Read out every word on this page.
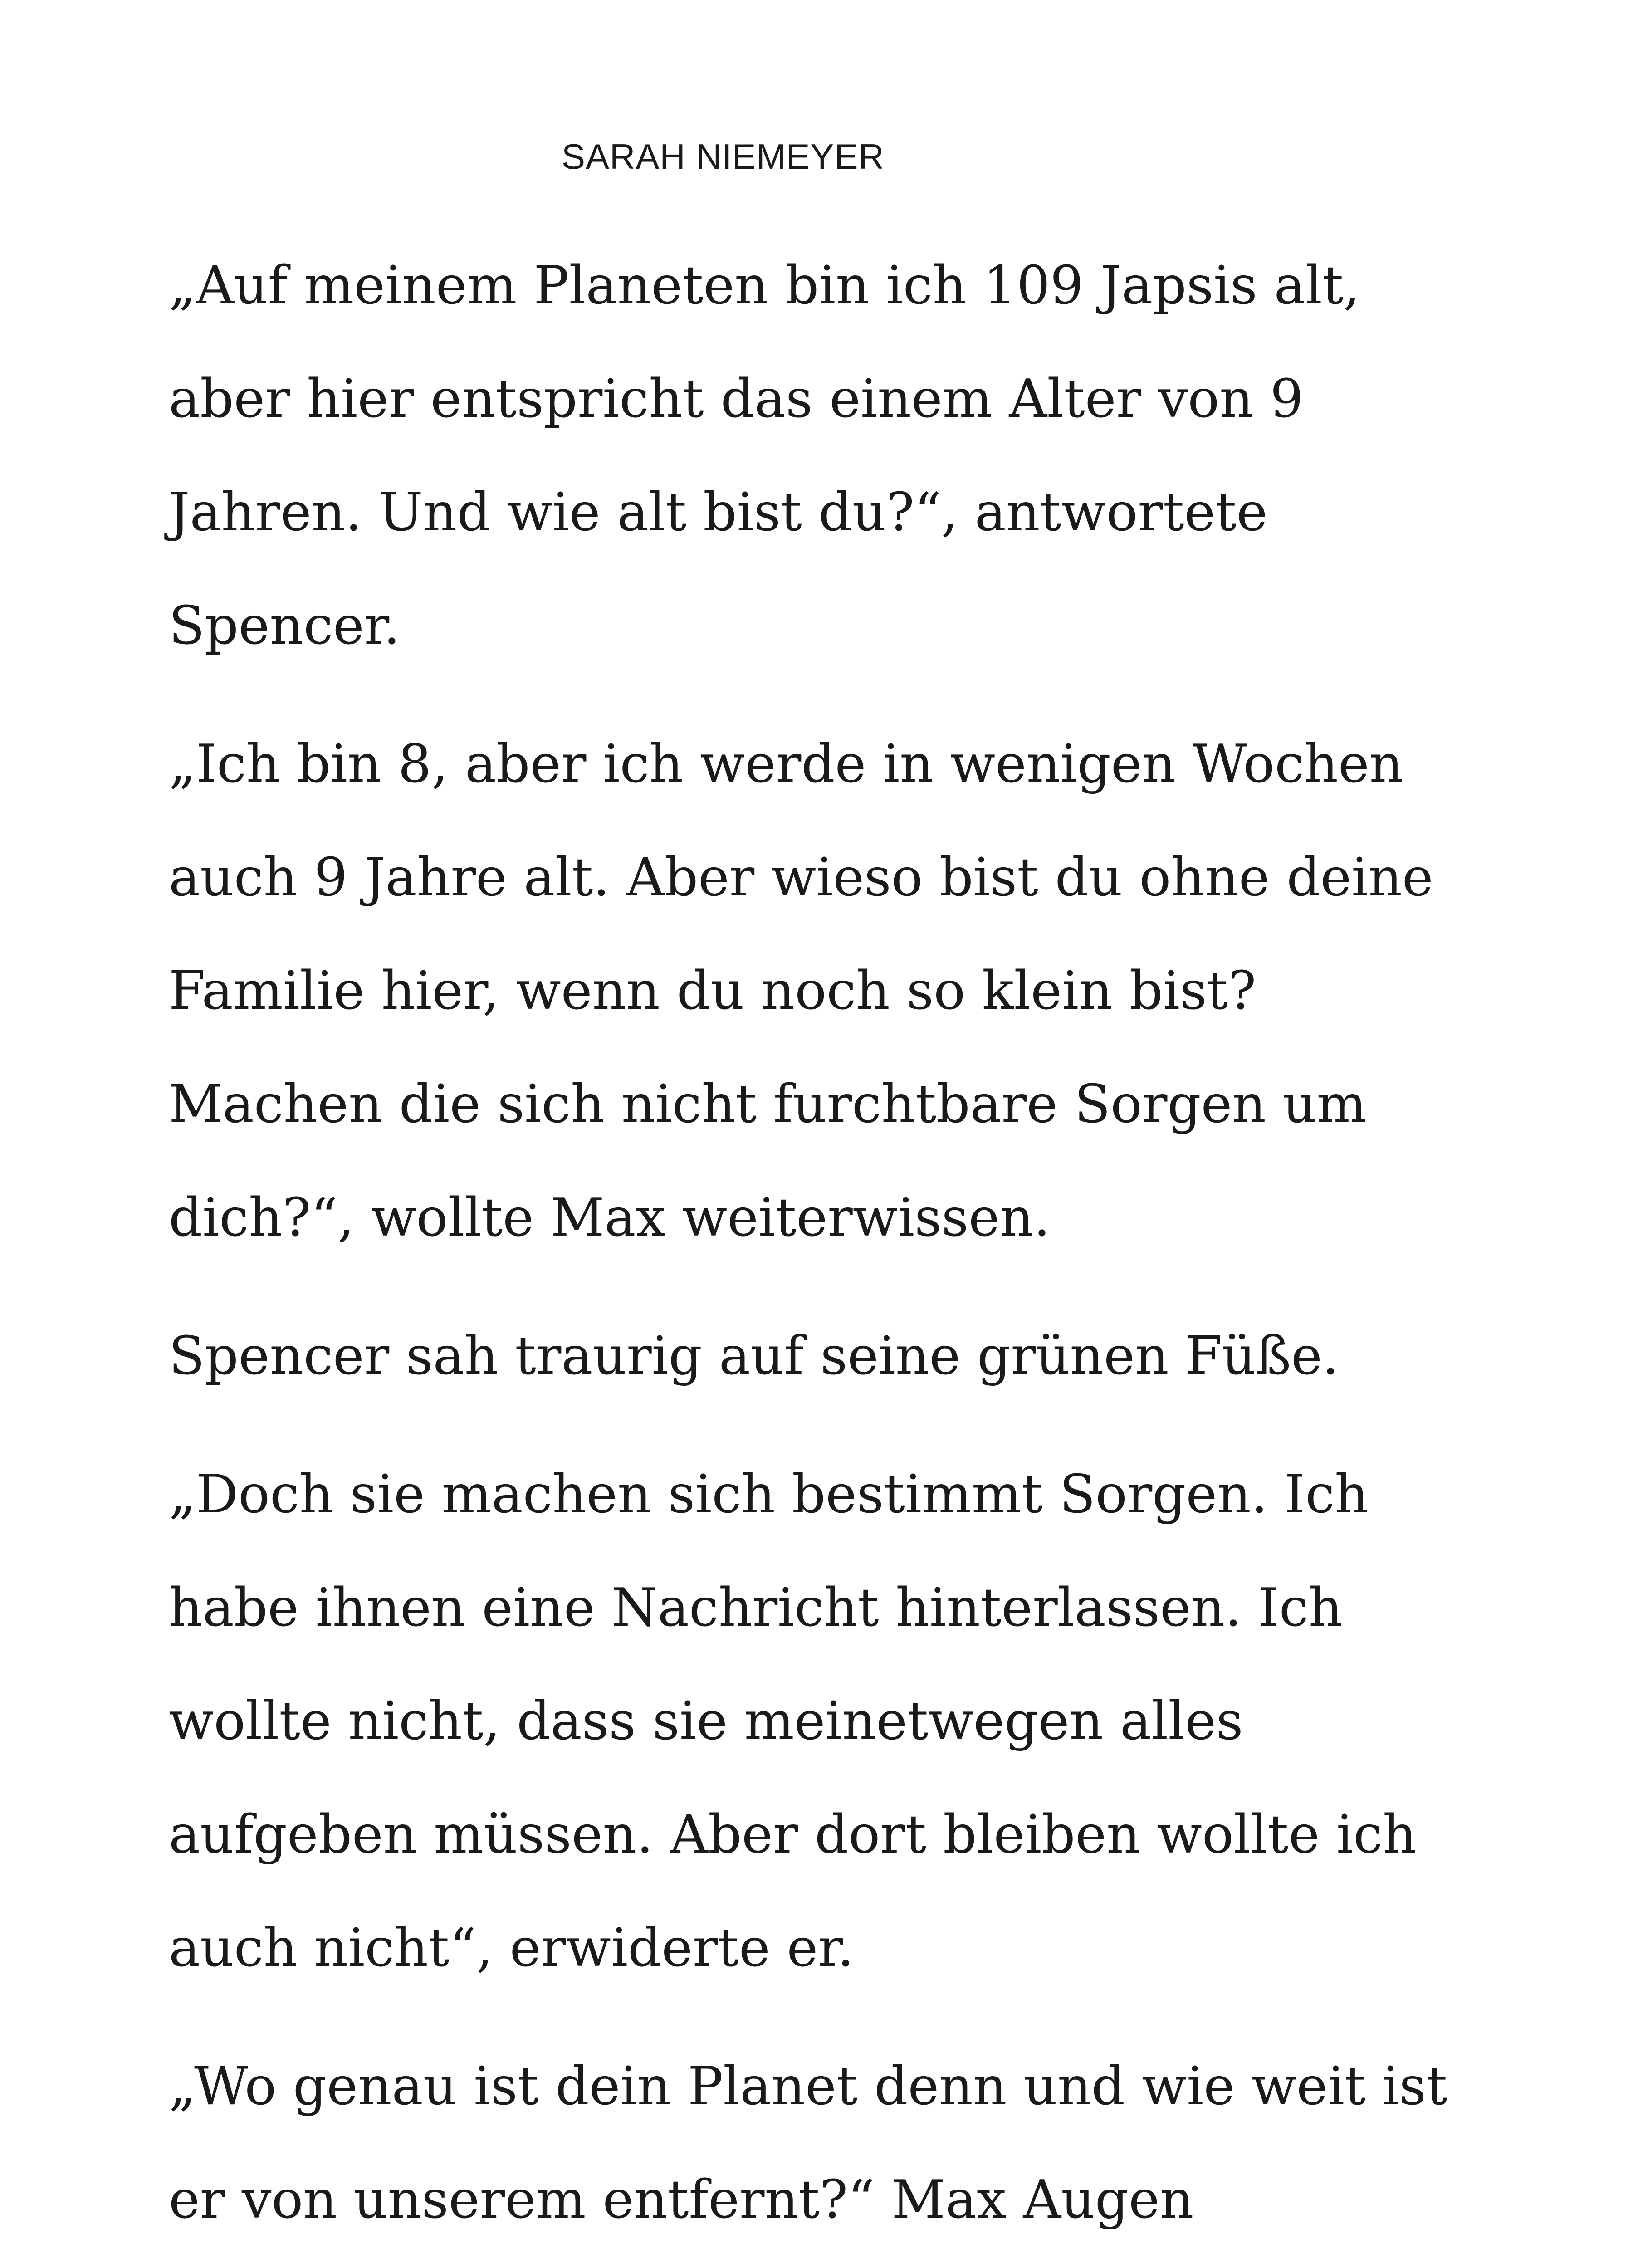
SARAH NIEMEYER

„Auf meinem Planeten bin ich 109 Japsis alt,
aber hier entspricht das einem Alter von 9
Jahren. Und wie alt bist du?“, antwortete
Spencer.

„Ich bin 8, aber ich werde in wenigen Wochen
auch 9 Jahre alt. Aber wieso bist du ohne deine
Familie hier, wenn du noch so klein bist?
Machen die sich nicht furchtbare Sorgen um
dich?“, wollte Max weiterwissen.

Spencer sah traurig auf seine grünen Füße.

„Doch sie machen sich bestimmt Sorgen. Ich
habe ihnen eine Nachricht hinterlassen. Ich
wollte nicht, dass sie meinetwegen alles
aufgeben müssen. Aber dort bleiben wollte ich
auch nicht“, erwiderte er.

„Wo genau ist dein Planet denn und wie weit ist
er von unserem entfernt?“ Max Augen
